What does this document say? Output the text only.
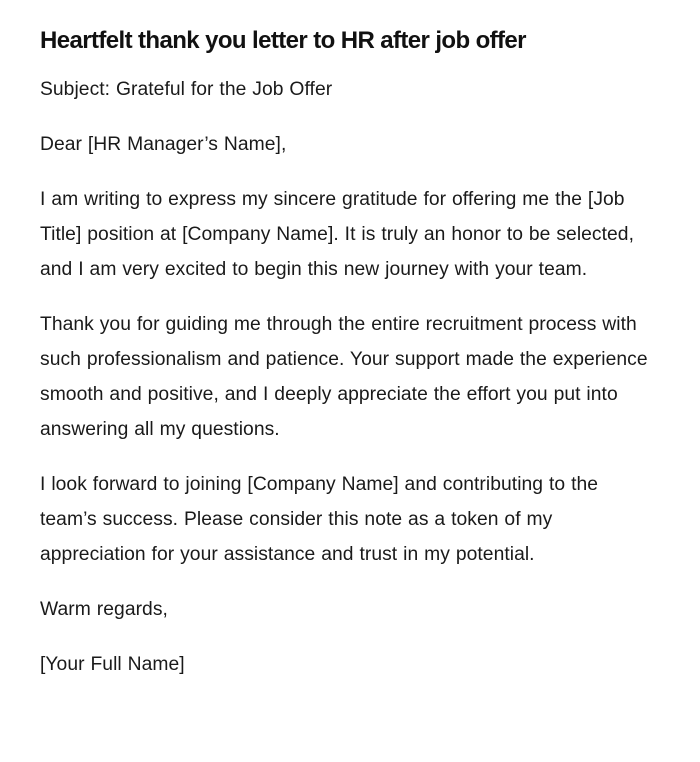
Heartfelt thank you letter to HR after job offer

Subject: Grateful for the Job Offer

Dear [HR Manager’s Name],

I am writing to express my sincere gratitude for offering me the [Job Title] position at [Company Name]. It is truly an honor to be selected, and I am very excited to begin this new journey with your team.

Thank you for guiding me through the entire recruitment process with such professionalism and patience. Your support made the experience smooth and positive, and I deeply appreciate the effort you put into answering all my questions.

I look forward to joining [Company Name] and contributing to the team’s success. Please consider this note as a token of my appreciation for your assistance and trust in my potential.

Warm regards,

[Your Full Name]
